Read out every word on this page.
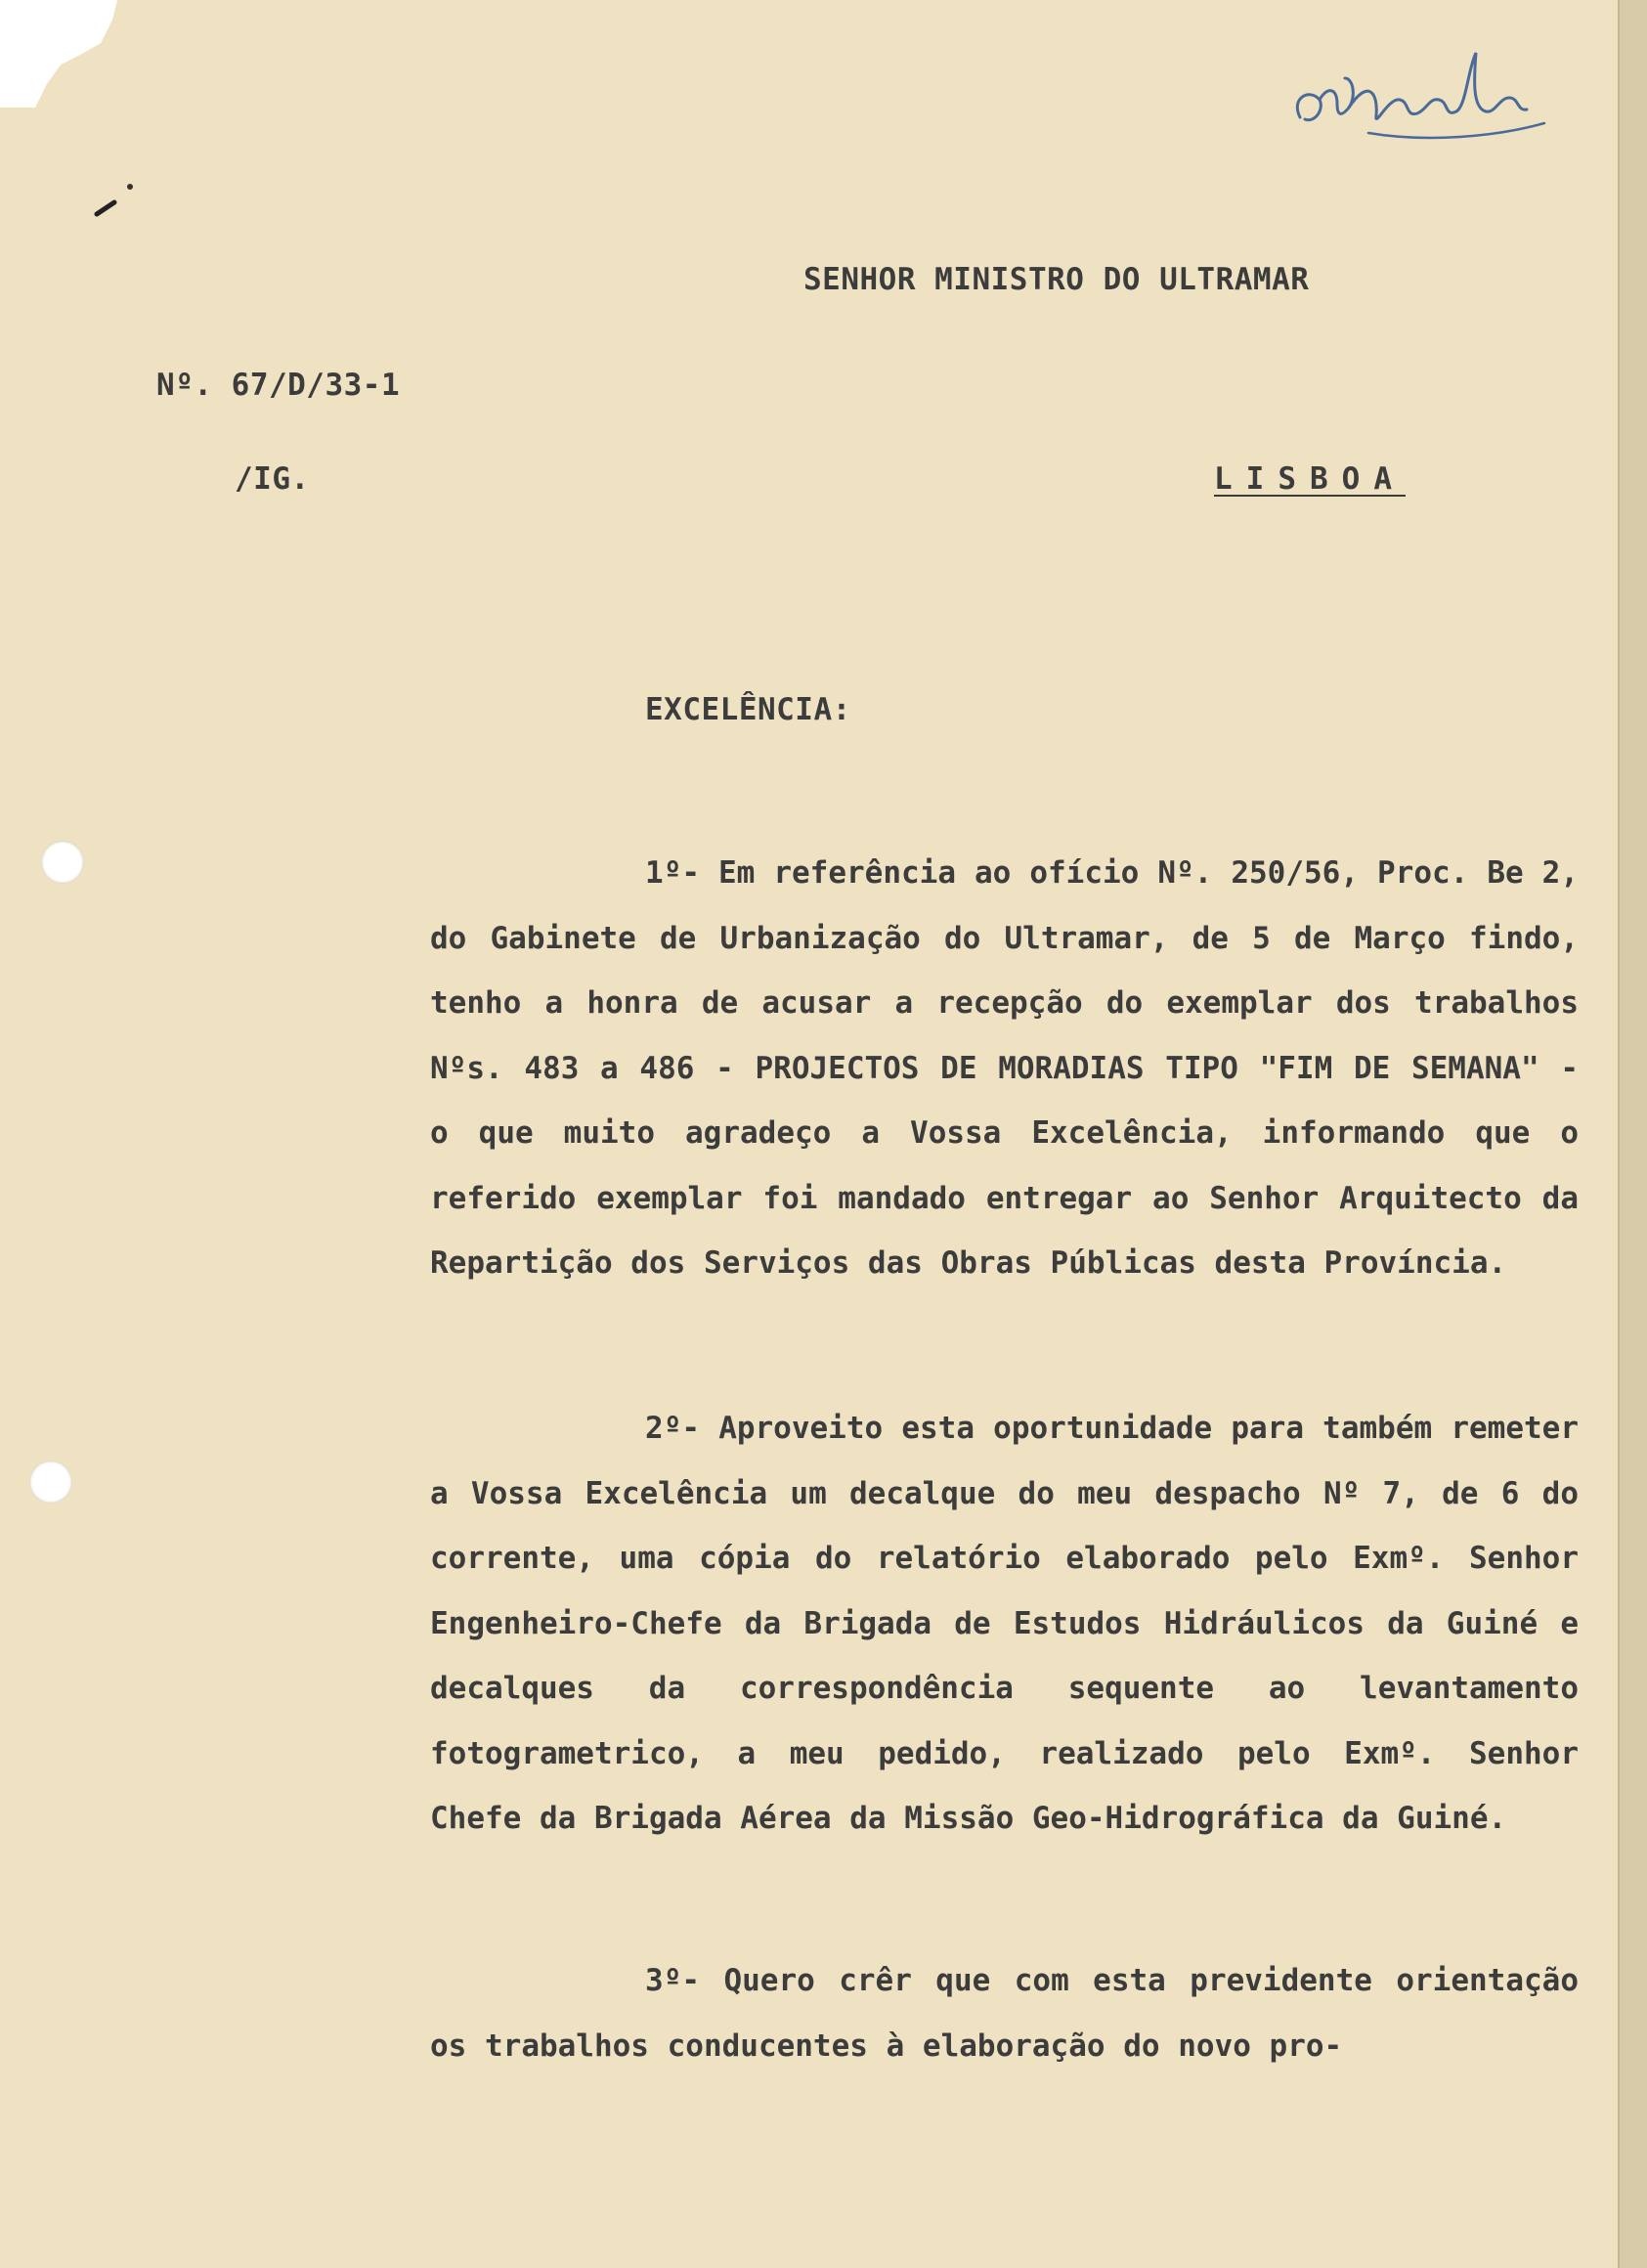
SENHOR MINISTRO DO ULTRAMAR
Nº. 67/D/33-1
/IG.	LISBOA
EXCELÊNCIA:
1º- Em referência ao ofício Nº. 250/56, Proc. Be 2, do Gabinete de Urbanização do Ultramar, de 5 de Março findo, tenho a honra de acusar a recepção do exemplar dos trabalhos Nºs. 483 a 486 - PROJECTOS DE MORADIAS TIPO "FIM DE SEMANA" - o que muito agradeço a Vossa Excelência, informando que o referido exemplar foi mandado entregar ao Senhor Arquitecto da Repartição dos Serviços das Obras Públicas desta Província.
2º- Aproveito esta oportunidade para também remeter a Vossa Excelência um decalque do meu despacho Nº 7, de 6 do corrente, uma cópia do relatório elaborado pelo Exmº. Senhor Engenheiro-Chefe da Brigada de Estudos Hidráulicos da Guiné e decalques da correspondência sequente ao levantamento fotogrametrico, a meu pedido, realizado pelo Exmº. Senhor Chefe da Brigada Aérea da Missão Geo-Hidrográfica da Guiné.
3º- Quero crêr que com esta previdente orientação os trabalhos conducentes à elaboração do novo pro-
